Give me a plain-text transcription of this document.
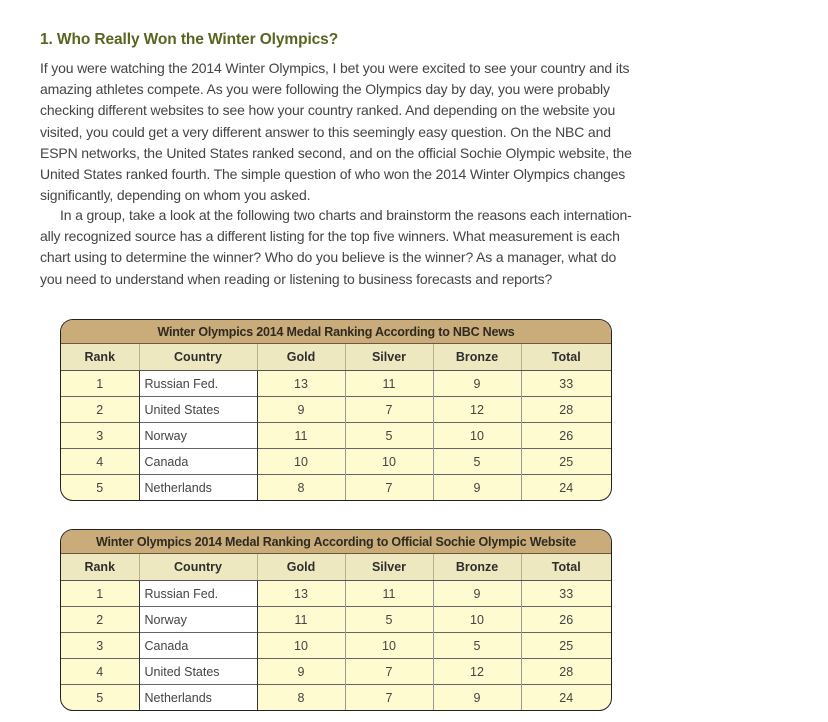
1. Who Really Won the Winter Olympics?

If you were watching the 2014 Winter Olympics, I bet you were excited to see your country and its amazing athletes compete. As you were following the Olympics day by day, you were probably checking different websites to see how your country ranked. And depending on the website you visited, you could get a very different answer to this seemingly easy question. On the NBC and ESPN networks, the United States ranked second, and on the official Sochie Olympic website, the United States ranked fourth. The simple question of who won the 2014 Winter Olympics changes significantly, depending on whom you asked.

In a group, take a look at the following two charts and brainstorm the reasons each internation-ally recognized source has a different listing for the top five winners. What measurement is each chart using to determine the winner? Who do you believe is the winner? As a manager, what do you need to understand when reading or listening to business forecasts and reports?

Winter Olympics 2014 Medal Ranking According to NBC News
Rank	Country	Gold	Silver	Bronze	Total
1	Russian Fed.	13	11	9	33
2	United States	9	7	12	28
3	Norway	11	5	10	26
4	Canada	10	10	5	25
5	Netherlands	8	7	9	24
Winter Olympics 2014 Medal Ranking According to Official Sochie Olympic Website
Rank	Country	Gold	Silver	Bronze	Total
1	Russian Fed.	13	11	9	33
2	Norway	11	5	10	26
3	Canada	10	10	5	25
4	United States	9	7	12	28
5	Netherlands	8	7	9	24
